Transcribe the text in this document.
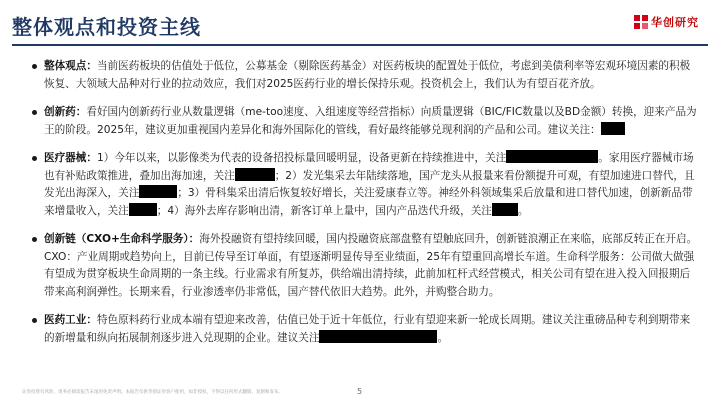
整体观点和投资主线	华创研究
整体观点：当前医药板块的估值处于低位，公募基金（剔除医药基金）对医药板块的配置处于低位，考虑到美债利率等宏观环境因素的积极恢复、大领域大品种对行业的拉动效应，我们对2025医药行业的增长保持乐观。投资机会上，我们认为有望百花齐放。
创新药：看好国内创新药行业从数量逻辑（me-too速度、入组速度等经营指标）向质量逻辑（BIC/FIC数量以及BD金额）转换，迎来产品为王的阶段。2025年，建议更加重视国内差异化和海外国际化的管线，看好最终能够兑现利润的产品和公司。建议关注：
医疗器械：1）今年以来，以影像类为代表的设备招投标量回暖明显，设备更新在持续推进中，关注	。家用医疗器械市场也有补贴政策推进，叠加出海加速，关注	；2）发光集采去年陆续落地，国产龙头从报量来看份额提升可观，有望加速进口替代，且发光出海深入，关注	；3）骨科集采出清后恢复较好增长，关注爱康春立等。神经外科领域集采后放量和进口替代加速，创新新品带来增量收入，关注	；4）海外去库存影响出清，新客订单上量中，国内产品迭代升级，关注 。
创新链（CXO+生命科学服务）：海外投融资有望持续回暖，国内投融资底部盘整有望触底回升，创新链浪潮正在来临，底部反转正在开启。CXO：产业周期或趋势向上，目前已传导至订单面，有望逐渐明显传导至业绩面，25年有望重回高增长车道。生命科学服务：公司做大做强有望成为贯穿板块生命周期的一条主线。行业需求有所复苏，供给端出清持续，此前加杠杆式经营模式，相关公司有望在进入投入回报期后带来高利润弹性。长期来看，行业渗透率仍非常低，国产替代依旧大趋势。此外，并购整合助力。
医药工业：特色原料药行业成本端有望迎来改善，估值已处于近十年低位，行业有望迎来新一轮成长周期。建议关注重磅品种专利到期带来的新增量和纵向拓展制剂逐步进入兑现期的企业。建议关注	。
证券投资有风险，请务必阅读报告末尾的免责声明。本报告仅供华创证券客户使用，如非授权，不得以任何形式翻版、复制和发布。	5
